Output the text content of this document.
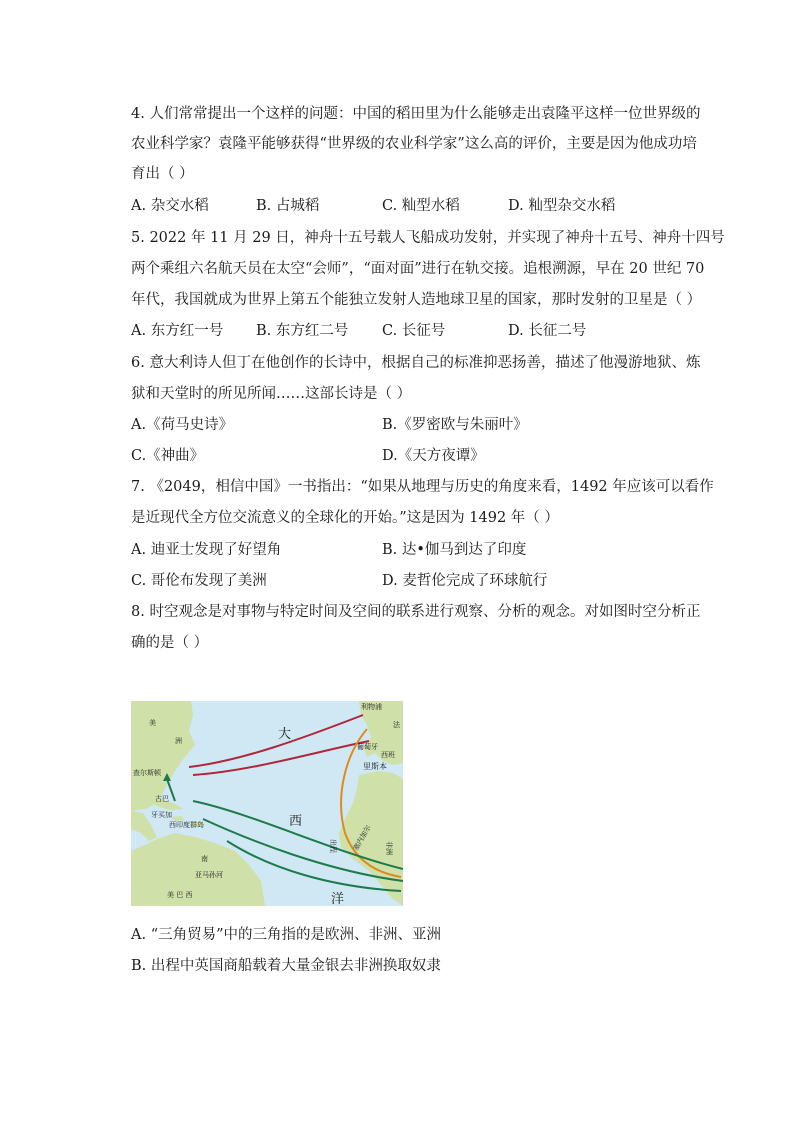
4. 人们常常提出一个这样的问题：中国的稻田里为什么能够走出袁隆平这样一位世界级的
农业科学家？袁隆平能够获得“世界级的农业科学家”这么高的评价，主要是因为他成功培
育出（ ）
A. 杂交水稻	B. 占城稻	C. 籼型水稻	D. 籼型杂交水稻
5. 2022 年 11 月 29 日，神舟十五号载人飞船成功发射，并实现了神舟十五号、神舟十四号
两个乘组六名航天员在太空“会师”，“面对面”进行在轨交接。追根溯源，早在 20 世纪 70
年代，我国就成为世界上第五个能独立发射人造地球卫星的国家，那时发射的卫星是（ ）
A. 东方红一号 B. 东方红二号 C. 长征号	D. 长征二号
6. 意大利诗人但丁在他创作的长诗中，根据自己的标准抑恶扬善，描述了他漫游地狱、炼
狱和天堂时的所见所闻……这部长诗是（ ）
A.《荷马史诗》	B.《罗密欧与朱丽叶》
C.《神曲》	D.《天方夜谭》
7. 《2049，相信中国》一书指出：“如果从地理与历史的角度来看，1492 年应该可以看作
是近现代全方位交流意义的全球化的开始。”这是因为 1492 年（ ）
A. 迪亚士发现了好望角	B. 达•伽马到达了印度
C. 哥伦布发现了美洲	D. 麦哲伦完成了环球航行
8. 时空观念是对事物与特定时间及空间的联系进行观察、分析的观念。对如图时空分析正
确的是（ ）
大
西
洋
美
洲
查尔斯顿
古巴
牙买加
西印度群岛
南
亚马孙河
美 巴 西
利物浦
法
葡萄牙
西班
里斯本
出程 塞内加尔 非洲
A. “三角贸易”中的三角指的是欧洲、非洲、亚洲
B. 出程中英国商船载着大量金银去非洲换取奴隶
